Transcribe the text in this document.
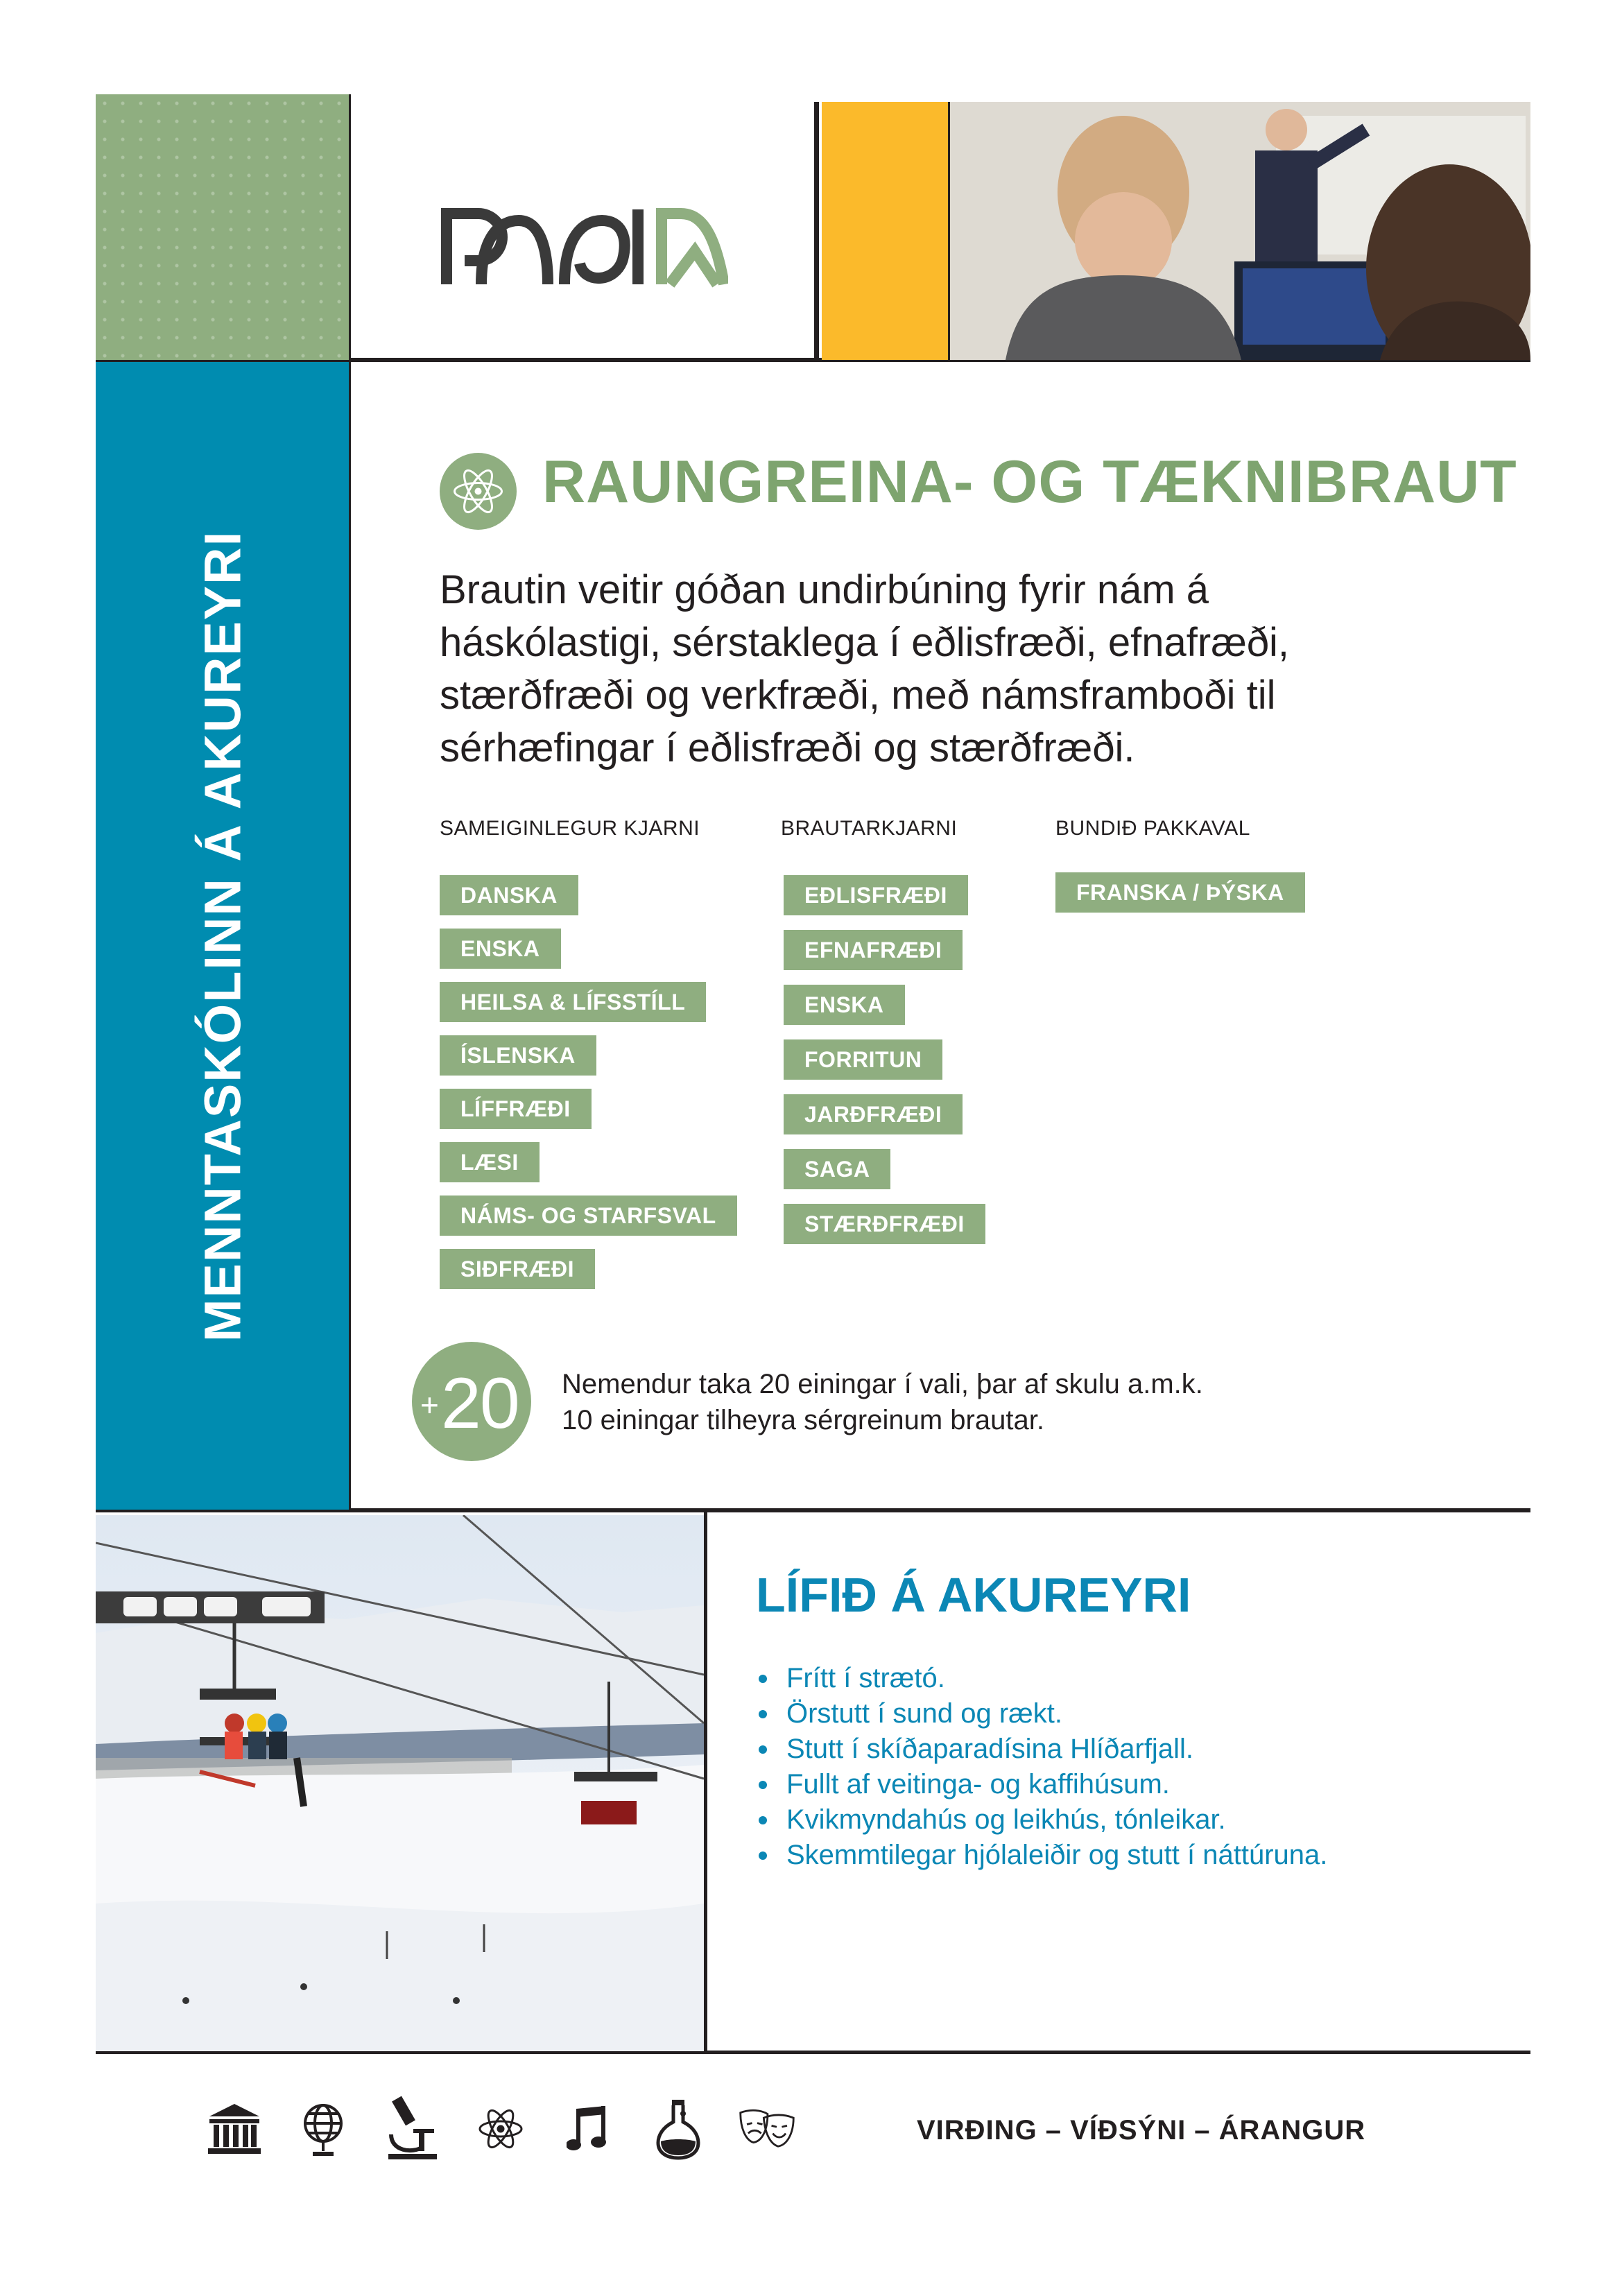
MENNTASKÓLINN Á AKUREYRI
RAUNGREINA- OG TÆKNIBRAUT
Brautin veitir góðan undirbúning fyrir nám á háskólastigi, sérstaklega í eðlisfræði, efnafræði, stærðfræði og verkfræði, með námsframboði til sérhæfingar í eðlisfræði og stærðfræði.
SAMEIGINLEGUR KJARNI	BRAUTARKJARNI	BUNDIÐ PAKKAVAL
DANSKA
ENSKA
HEILSA & LÍFSSTÍLL
ÍSLENSKA
LÍFFRÆÐI
LÆSI
NÁMS- OG STARFSVAL
SIÐFRÆÐI
EÐLISFRÆÐI
EFNAFRÆÐI
ENSKA
FORRITUN
JARÐFRÆÐI
SAGA
STÆRÐFRÆÐI
FRANSKA / ÞÝSKA
+ 20 Nemendur taka 20 einingar í vali, þar af skulu a.m.k.
10 einingar tilheyra sérgreinum brautar.
LÍFIÐ Á AKUREYRI
Frítt í strætó.
Örstutt í sund og rækt.
Stutt í skíðaparadísina Hlíðarfjall.
Fullt af veitinga- og kaffihúsum.
Kvikmyndahús og leikhús, tónleikar.
Skemmtilegar hjólaleiðir og stutt í náttúruna.
VIRÐING – VÍÐSÝNI – ÁRANGUR
